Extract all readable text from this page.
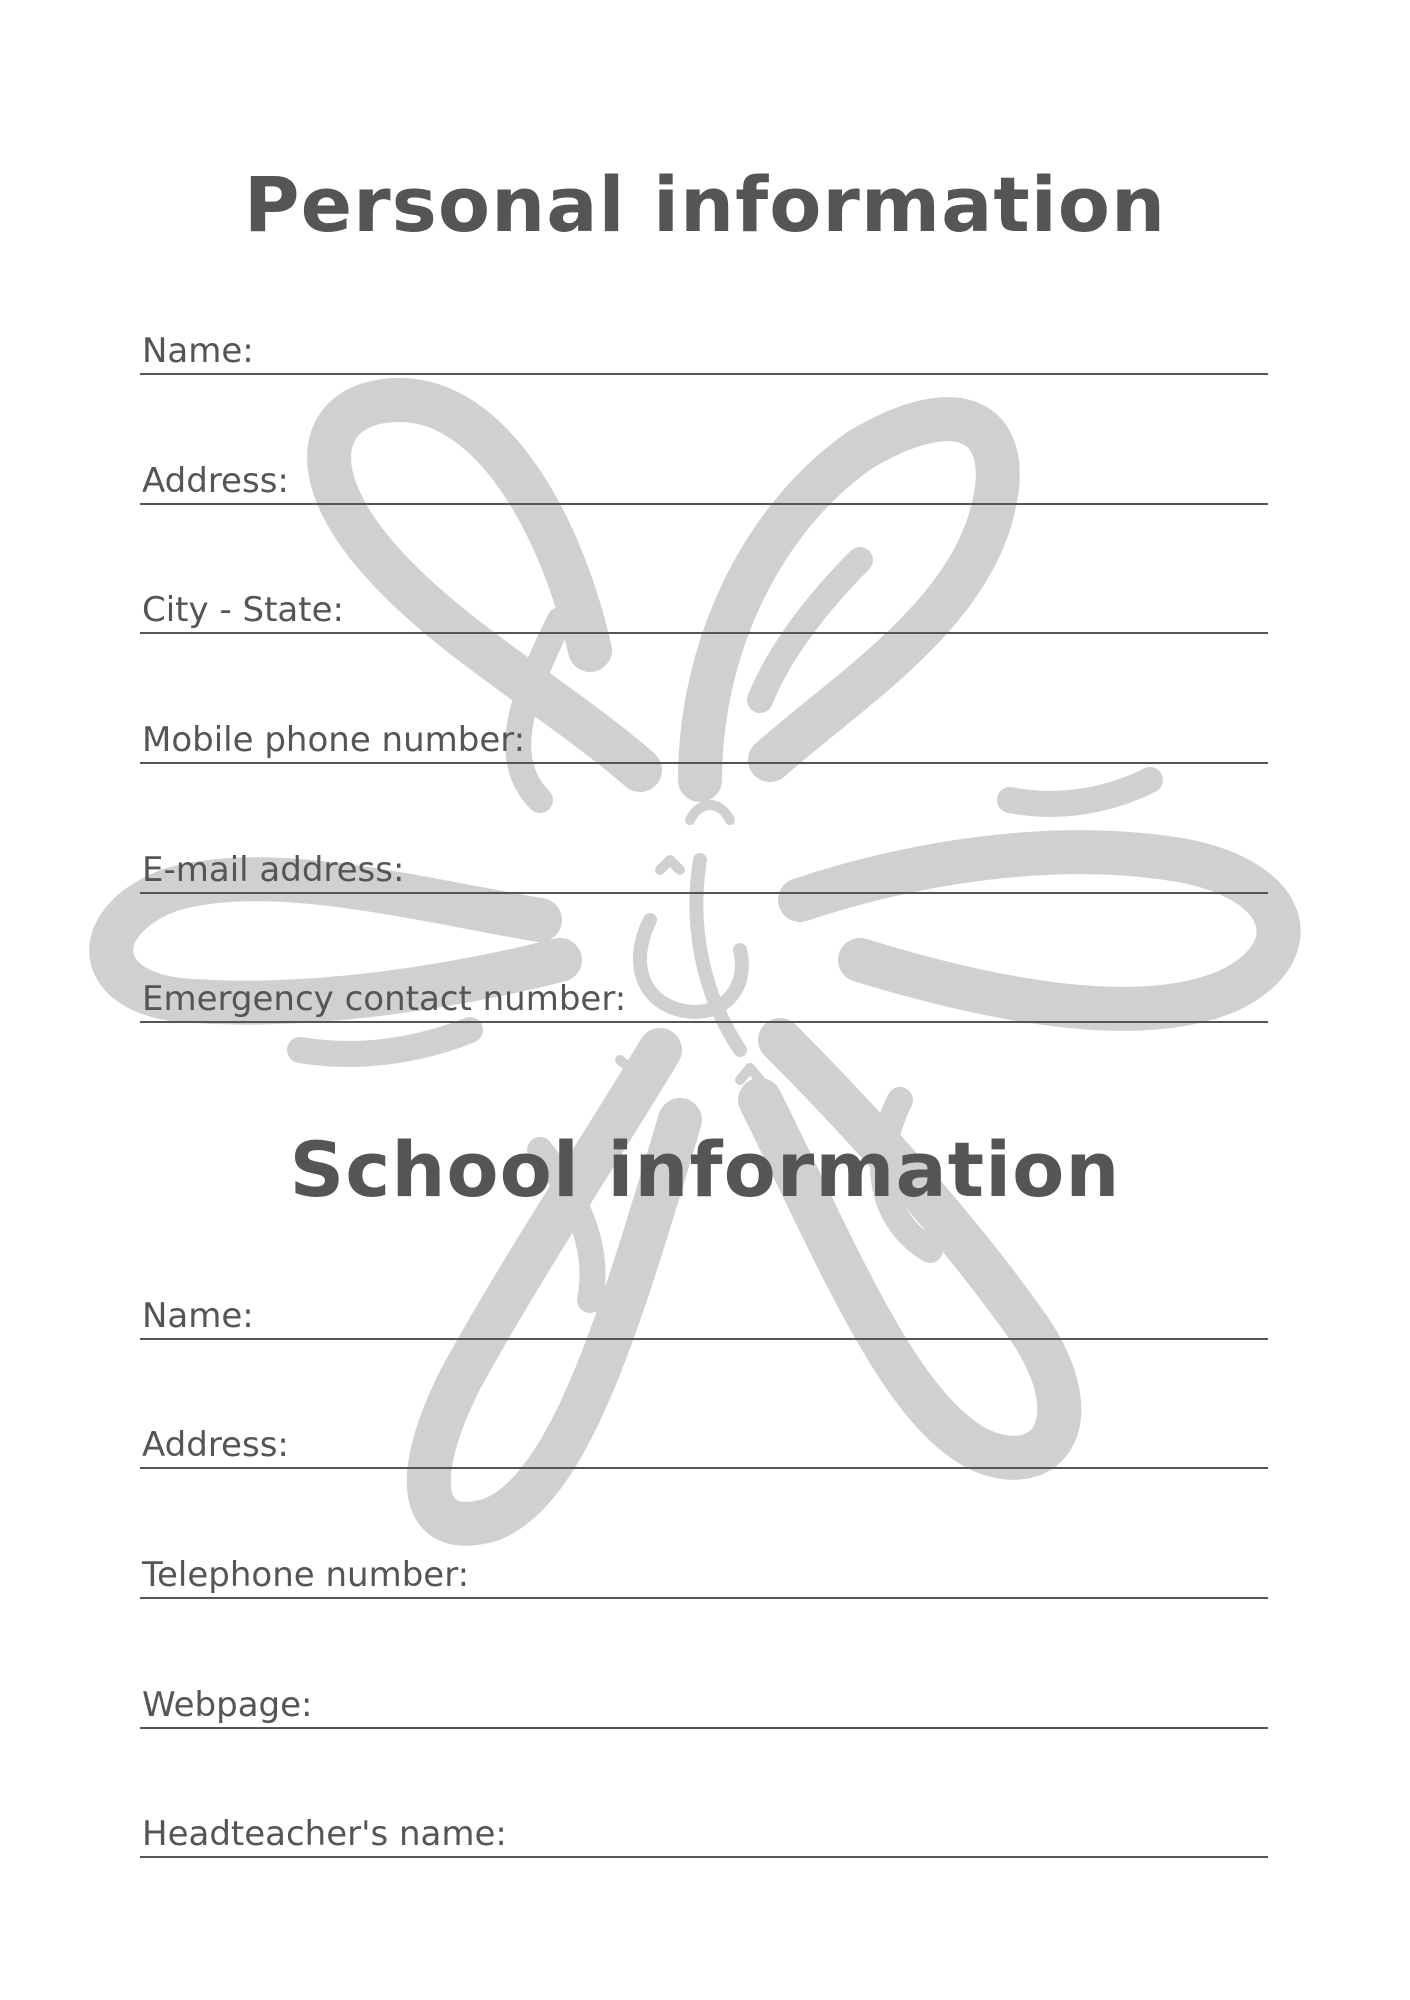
Personal information
Name:
Address:
City - State:
Mobile phone number:
E-mail address:
Emergency contact number:
School information
Name:
Address:
Telephone number:
Webpage:
Headteacher's name:
